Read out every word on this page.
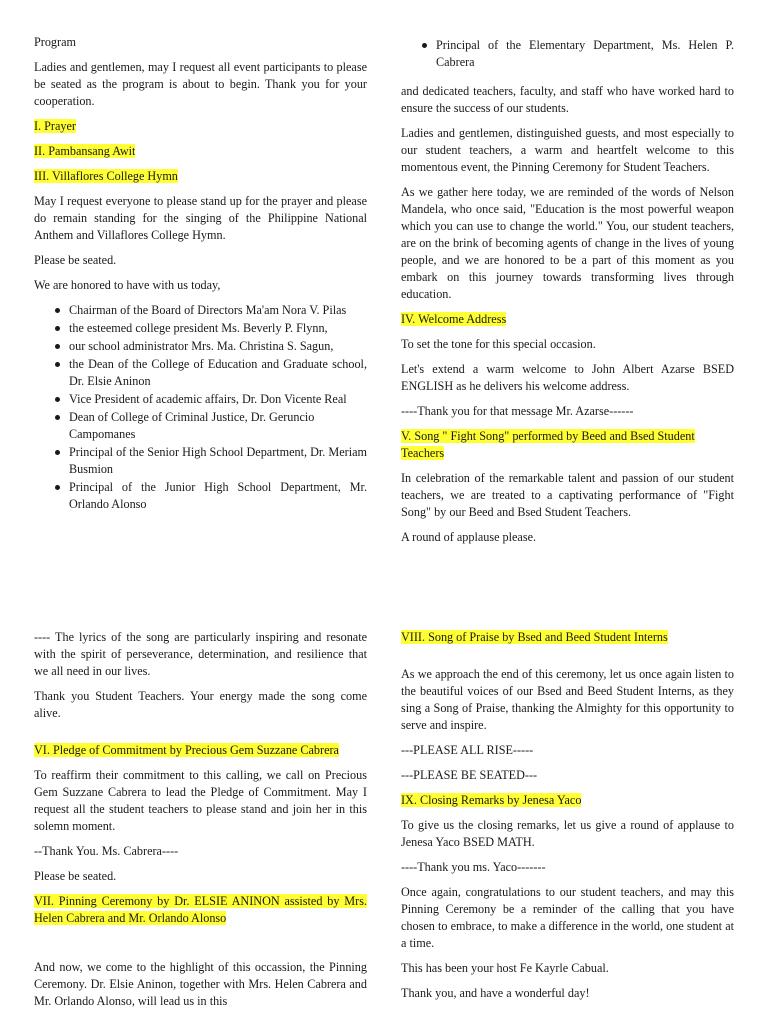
Program

Ladies and gentlemen, may I request all event participants to please be seated as the program is about to begin. Thank you for your cooperation.

I. Prayer

II. Pambansang Awit

III. Villaflores College Hymn

May I request everyone to please stand up for the prayer and please do remain standing for the singing of the Philippine National Anthem and Villaflores College Hymn.

Please be seated.

We are honored to have with us today,

Chairman of the Board of Directors Ma'am Nora V. Pilas
the esteemed college president Ms. Beverly P. Flynn,
our school administrator Mrs. Ma. Christina S. Sagun,
the Dean of the College of Education and Graduate school, Dr. Elsie Aninon
Vice President of academic affairs, Dr. Don Vicente Real
Dean of College of Criminal Justice, Dr. Geruncio Campomanes
Principal of the Senior High School Department, Dr. Meriam Busmion
Principal of the Junior High School Department, Mr. Orlando Alonso
Principal of the Elementary Department, Ms. Helen P. Cabrera

and dedicated teachers, faculty, and staff who have worked hard to ensure the success of our students.

Ladies and gentlemen, distinguished guests, and most especially to our student teachers, a warm and heartfelt welcome to this momentous event, the Pinning Ceremony for Student Teachers.

As we gather here today, we are reminded of the words of Nelson Mandela, who once said, "Education is the most powerful weapon which you can use to change the world." You, our student teachers, are on the brink of becoming agents of change in the lives of young people, and we are honored to be a part of this moment as you embark on this journey towards transforming lives through education.

IV. Welcome Address

To set the tone for this special occasion.

Let's extend a warm welcome to John Albert Azarse BSED ENGLISH as he delivers his welcome address.

----Thank you for that message Mr. Azarse------

V. Song " Fight Song" performed by Beed and Bsed Student Teachers

In celebration of the remarkable talent and passion of our student teachers, we are treated to a captivating performance of "Fight Song" by our Beed and Bsed Student Teachers.

A round of applause please.

---- The lyrics of the song are particularly inspiring and resonate with the spirit of perseverance, determination, and resilience that we all need in our lives.

Thank you Student Teachers. Your energy made the song come alive.

VI. Pledge of Commitment by Precious Gem Suzzane Cabrera

To reaffirm their commitment to this calling, we call on Precious Gem Suzzane Cabrera to lead the Pledge of Commitment. May I request all the student teachers to please stand and join her in this solemn moment.

--Thank You. Ms. Cabrera----

Please be seated.

VII. Pinning Ceremony by Dr. ELSIE ANINON assisted by Mrs. Helen Cabrera and Mr. Orlando Alonso

And now, we come to the highlight of this occassion, the Pinning Ceremony. Dr. Elsie Aninon, together with Mrs. Helen Cabrera and Mr. Orlando Alonso, will lead us in this

VIII. Song of Praise by Bsed and Beed Student Interns

As we approach the end of this ceremony, let us once again listen to the beautiful voices of our Bsed and Beed Student Interns, as they sing a Song of Praise, thanking the Almighty for this opportunity to serve and inspire.

---PLEASE ALL RISE-----

---PLEASE BE SEATED---

IX. Closing Remarks by Jenesa Yaco

To give us the closing remarks, let us give a round of applause to Jenesa Yaco BSED MATH.

----Thank you ms. Yaco-------

Once again, congratulations to our student teachers, and may this Pinning Ceremony be a reminder of the calling that you have chosen to embrace, to make a difference in the world, one student at a time.

This has been your host Fe Kayrle Cabual.

Thank you, and have a wonderful day!
